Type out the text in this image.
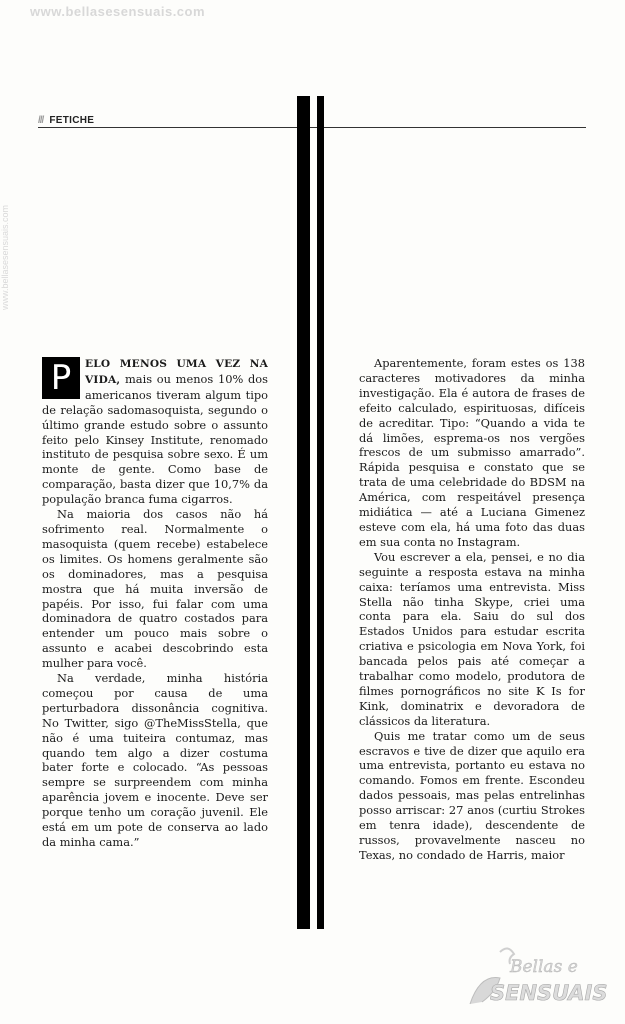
www.bellasesensuais.com
www.bellasesensuais.com
/// FETICHE

P	ELO MENOS UMA VEZ NA VIDA, mais ou menos 10% dos americanos tiveram algum tipo de relação sadomasoquista, segundo o último grande estudo sobre o assunto feito pelo Kinsey Institute, renomado instituto de pesquisa sobre sexo. É um monte de gente. Como base de comparação, basta dizer que 10,7% da população branca fuma cigarros.

Na maioria dos casos não há sofrimento real. Normalmente o masoquista (quem recebe) estabelece os limites. Os homens geralmente são os dominadores, mas a pesquisa mostra que há muita inversão de papéis. Por isso, fui falar com uma dominadora de quatro costados para entender um pouco mais sobre o assunto e acabei descobrindo esta mulher para você.

Na verdade, minha história começou por causa de uma perturbadora dissonância cognitiva. No Twitter, sigo @TheMissStella, que não é uma tuiteira contumaz, mas quando tem algo a dizer costuma bater forte e colocado. “As pessoas sempre se surpreendem com minha aparência jovem e inocente. Deve ser porque tenho um coração juvenil. Ele está em um pote de conserva ao lado da minha cama.”

Aparentemente, foram estes os 138 caracteres motivadores da minha investigação. Ela é autora de frases de efeito calculado, espirituosas, difíceis de acreditar. Tipo: “Quando a vida te dá limões, esprema-os nos vergões frescos de um submisso amarrado”. Rápida pesquisa e constato que se trata de uma celebridade do BDSM na América, com respeitável presença midiática — até a Luciana Gimenez esteve com ela, há uma foto das duas em sua conta no Instagram.

Vou escrever a ela, pensei, e no dia seguinte a resposta estava na minha caixa: teríamos uma entrevista. Miss Stella não tinha Skype, criei uma conta para ela. Saiu do sul dos Estados Unidos para estudar escrita criativa e psicologia em Nova York, foi bancada pelos pais até começar a trabalhar como modelo, produtora de filmes pornográficos no site K Is for Kink, dominatrix e devoradora de clássicos da literatura.

Quis me tratar como um de seus escravos e tive de dizer que aquilo era uma entrevista, portanto eu estava no comando. Fomos em frente. Escondeu dados pessoais, mas pelas entrelinhas posso arriscar: 27 anos (curtiu Strokes em tenra idade), descendente de russos, provavelmente nasceu no Texas, no condado de Harris, maior

Bellas e
SENSUAIS
